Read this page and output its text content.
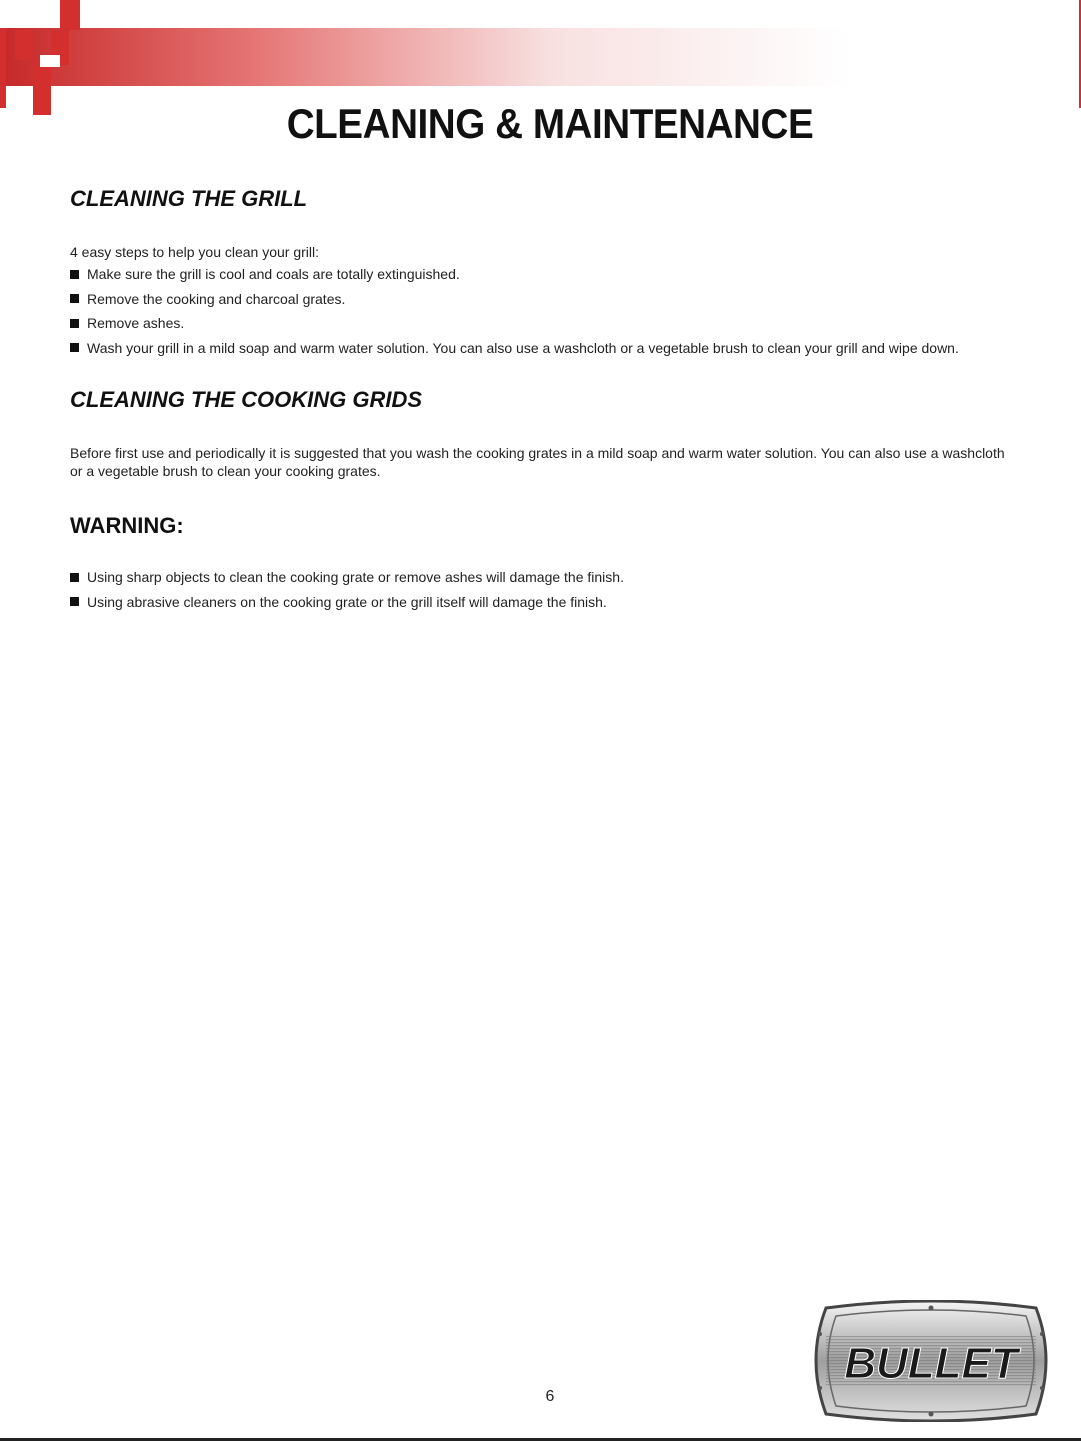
CLEANING & MAINTENANCE
CLEANING THE GRILL

4 easy steps to help you clean your grill:

Make sure the grill is cool and coals are totally extinguished.
Remove the cooking and charcoal grates.
Remove ashes.
Wash your grill in a mild soap and warm water solution. You can also use a washcloth or a vegetable brush to clean your grill and wipe down.
CLEANING THE COOKING GRIDS

Before first use and periodically it is suggested that you wash the cooking grates in a mild soap and warm water solution. You can also use a washcloth or a vegetable brush to clean your cooking grates.

WARNING:
Using sharp objects to clean the cooking grate or remove ashes will damage the finish.
Using abrasive cleaners on the cooking grate or the grill itself will damage the finish.
6
BULLET
